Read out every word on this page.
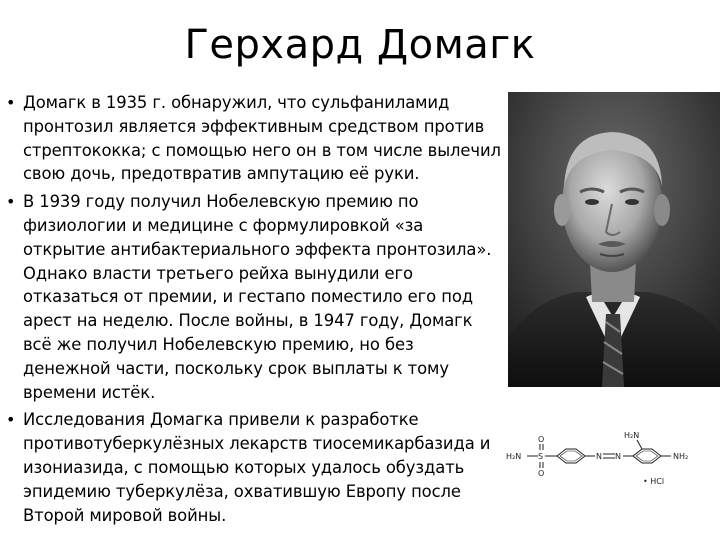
Герхард Домагк
• Домагк в 1935 г. обнаружил, что сульфаниламид пронтозил является эффективным средством против стрептококка; с помощью него он в том числе вылечил свою дочь, предотвратив ампутацию её руки.
• В 1939 году получил Нобелевскую премию по физиологии и медицине с формулировкой «за открытие антибактериального эффекта пронтозила». Однако власти третьего рейха вынудили его отказаться от премии, и гестапо поместило его под арест на неделю. После войны, в 1947 году, Домагк всё же получил Нобелевскую премию, но без денежной части, поскольку срок выплаты к тому времени истёк.
• Исследования Домагка привели к разработке противотуберкулёзных лекарств тиосемикарбазида и изониазида, с помощью которых удалось обуздать эпидемию туберкулёза, охватившую Европу после Второй мировой войны.
H₂N S
O
O
N N
H₂N
NH₂
• HCl
